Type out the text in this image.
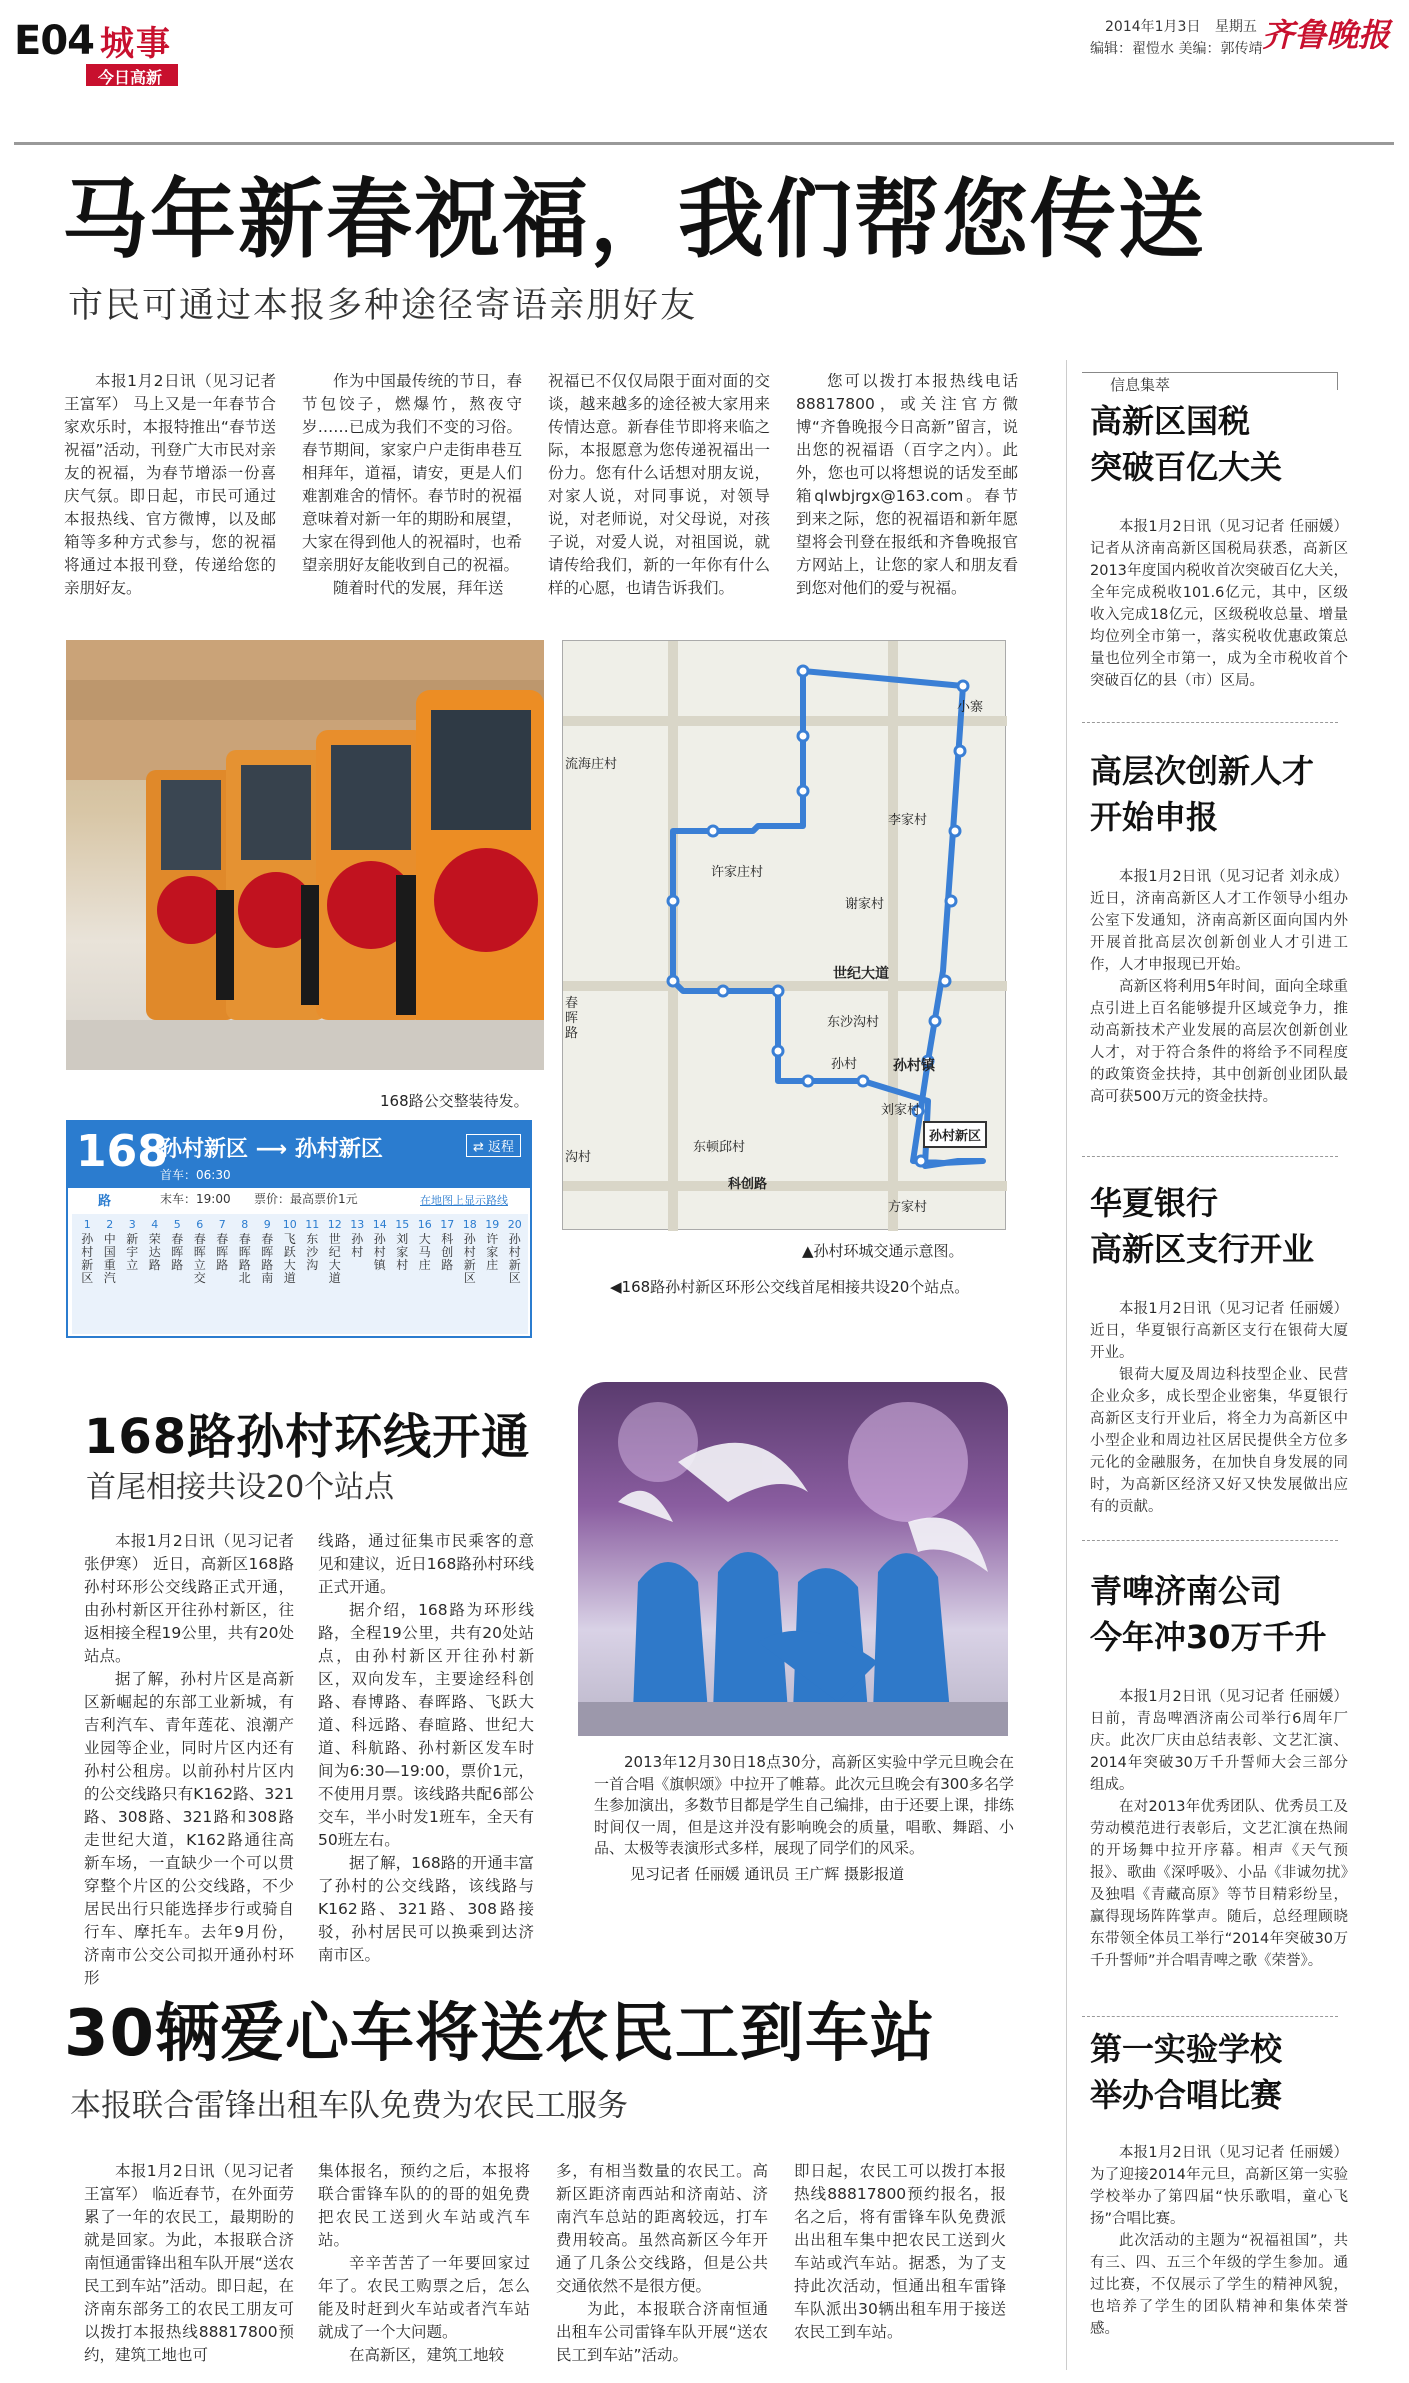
E04 城事
今日高新
2014年1月3日 星期五
编辑：翟愷水 美编：郭传靖 齐鲁晚报
马年新春祝福，我们帮您传送
市民可通过本报多种途径寄语亲朋好友
本报1月2日讯（见习记者 王富军） 马上又是一年春节合家欢乐时，本报特推出“春节送祝福”活动，刊登广大市民对亲友的祝福，为春节增添一份喜庆气氛。即日起，市民可通过本报热线、官方微博，以及邮箱等多种方式参与，您的祝福将通过本报刊登，传递给您的亲朋好友。

作为中国最传统的节日，春节包饺子，燃爆竹，熬夜守岁……已成为我们不变的习俗。春节期间，家家户户走街串巷互相拜年，道福，请安，更是人们难割难舍的情怀。春节时的祝福意味着对新一年的期盼和展望，大家在得到他人的祝福时，也希望亲朋好友能收到自己的祝福。

随着时代的发展，拜年送

祝福已不仅仅局限于面对面的交谈，越来越多的途径被大家用来传情达意。新春佳节即将来临之际，本报愿意为您传递祝福出一份力。您有什么话想对朋友说，对家人说，对同事说，对领导说，对老师说，对父母说，对孩子说，对爱人说，对祖国说，就请传给我们，新的一年你有什么样的心愿，也请告诉我们。
您可以拨打本报热线电话88817800，或关注官方微博“齐鲁晚报今日高新”留言，说出您的祝福语（百字之内）。此外，您也可以将想说的话发至邮箱qlwbjrgx@163.com。春节到来之际，您的祝福语和新年愿望将会刊登在报纸和齐鲁晚报官方网站上，让您的家人和朋友看到您对他们的爱与祝福。
168路公交整装待发。
小寨
流海庄村
李家村
许家庄村
谢家村
世纪大道
春晖路
东沙沟村
孙村	孙村镇
孙村新区
刘家村
沟村
东顿邱村
科创路
方家村
▲孙村环城交通示意图。
◀168路孙村新区环形公交线首尾相接共设20个站点。
168
路
孙村新区 ⟶ 孙村新区	⇄ 返程
首车：06:30
末车：19:00 票价：最高票价1元	在地图上显示路线
1
孙村新区
2
中国重汽
3
新宇立
4
荣达路
5
春晖路
6
春晖立交
7
春晖路
8
春晖路北
9
春晖路南
10
飞跃大道
11
东沙沟
12
世纪大道
13
孙村
14
孙村镇
15
刘家村
16
大马庄
17
科创路
18
孙村新区
19
许家庄
20
孙村新区
168路孙村环线开通
首尾相接共设20个站点

本报1月2日讯（见习记者 张伊寒） 近日，高新区168路孙村环形公交线路正式开通，由孙村新区开往孙村新区，往返相接全程19公里，共有20处站点。

据了解，孙村片区是高新区新崛起的东部工业新城，有吉利汽车、青年莲花、浪潮产业园等企业，同时片区内还有孙村公租房。以前孙村片区内的公交线路只有K162路、321路、308路、321路和308路走世纪大道，K162路通往高新车场，一直缺少一个可以贯穿整个片区的公交线路，不少居民出行只能选择步行或骑自行车、摩托车。去年9月份，济南市公交公司拟开通孙村环形

线路，通过征集市民乘客的意见和建议，近日168路孙村环线正式开通。

据介绍，168路为环形线路，全程19公里，共有20处站点，由孙村新区开往孙村新区，双向发车，主要途经科创路、春博路、春晖路、飞跃大道、科远路、春暄路、世纪大道、科航路、孙村新区发车时间为6:30—19:00，票价1元，不使用月票。该线路共配6部公交车，半小时发1班车，全天有50班左右。

据了解，168路的开通丰富了孙村的公交线路，该线路与K162路、321路、308路接驳，孙村居民可以换乘到达济南市区。

2013年12月30日18点30分，高新区实验中学元旦晚会在一首合唱《旗帜颂》中拉开了帷幕。此次元旦晚会有300多名学生参加演出，多数节目都是学生自己编排，由于还要上课，排练时间仅一周，但是这并没有影响晚会的质量，唱歌、舞蹈、小品、太极等表演形式多样，展现了同学们的风采。

见习记者 任丽媛 通讯员 王广辉 摄影报道

30辆爱心车将送农民工到车站
本报联合雷锋出租车队免费为农民工服务
本报1月2日讯（见习记者 王富军） 临近春节，在外面劳累了一年的农民工，最期盼的就是回家。为此，本报联合济南恒通雷锋出租车队开展“送农民工到车站”活动。即日起，在济南东部务工的农民工朋友可以拨打本报热线88817800预约，建筑工地也可

集体报名，预约之后，本报将联合雷锋车队的的哥的姐免费把农民工送到火车站或汽车站。

辛辛苦苦了一年要回家过年了。农民工购票之后，怎么能及时赶到火车站或者汽车站就成了一个大问题。

在高新区，建筑工地较

多，有相当数量的农民工。高新区距济南西站和济南站、济南汽车总站的距离较远，打车费用较高。虽然高新区今年开通了几条公交线路，但是公共交通依然不是很方便。

为此，本报联合济南恒通出租车公司雷锋车队开展“送农民工到车站”活动。

即日起，农民工可以拨打本报热线88817800预约报名，报名之后，将有雷锋车队免费派出出租车集中把农民工送到火车站或汽车站。据悉，为了支持此次活动，恒通出租车雷锋车队派出30辆出租车用于接送农民工到车站。

信息集萃
高新区国税
突破百亿大关

本报1月2日讯（见习记者 任丽媛） 记者从济南高新区国税局获悉，高新区2013年度国内税收首次突破百亿大关，全年完成税收101.6亿元，其中，区级收入完成18亿元，区级税收总量、增量均位列全市第一，落实税收优惠政策总量也位列全市第一，成为全市税收首个突破百亿的县（市）区局。

高层次创新人才
开始申报

本报1月2日讯（见习记者 刘永成） 近日，济南高新区人才工作领导小组办公室下发通知，济南高新区面向国内外开展首批高层次创新创业人才引进工作，人才申报现已开始。

高新区将利用5年时间，面向全球重点引进上百名能够提升区域竞争力，推动高新技术产业发展的高层次创新创业人才，对于符合条件的将给予不同程度的政策资金扶持，其中创新创业团队最高可获500万元的资金扶持。

华夏银行
高新区支行开业

本报1月2日讯（见习记者 任丽媛） 近日，华夏银行高新区支行在银荷大厦开业。

银荷大厦及周边科技型企业、民营企业众多，成长型企业密集，华夏银行高新区支行开业后，将全力为高新区中小型企业和周边社区居民提供全方位多元化的金融服务，在加快自身发展的同时，为高新区经济又好又快发展做出应有的贡献。

青啤济南公司
今年冲30万千升

本报1月2日讯（见习记者 任丽媛） 日前，青岛啤酒济南公司举行6周年厂庆。此次厂庆由总结表彰、文艺汇演、2014年突破30万千升誓师大会三部分组成。

在对2013年优秀团队、优秀员工及劳动模范进行表彰后，文艺汇演在热闹的开场舞中拉开序幕。相声《天气预报》、歌曲《深呼吸》、小品《非诚勿扰》及独唱《青藏高原》等节目精彩纷呈，赢得现场阵阵掌声。随后，总经理顾晓东带领全体员工举行“2014年突破30万千升誓师”并合唱青啤之歌《荣誉》。

第一实验学校
举办合唱比赛

本报1月2日讯（见习记者 任丽媛） 为了迎接2014年元旦，高新区第一实验学校举办了第四届“快乐歌唱，童心飞扬”合唱比赛。

此次活动的主题为“祝福祖国”，共有三、四、五三个年级的学生参加。通过比赛，不仅展示了学生的精神风貌，也培养了学生的团队精神和集体荣誉感。
